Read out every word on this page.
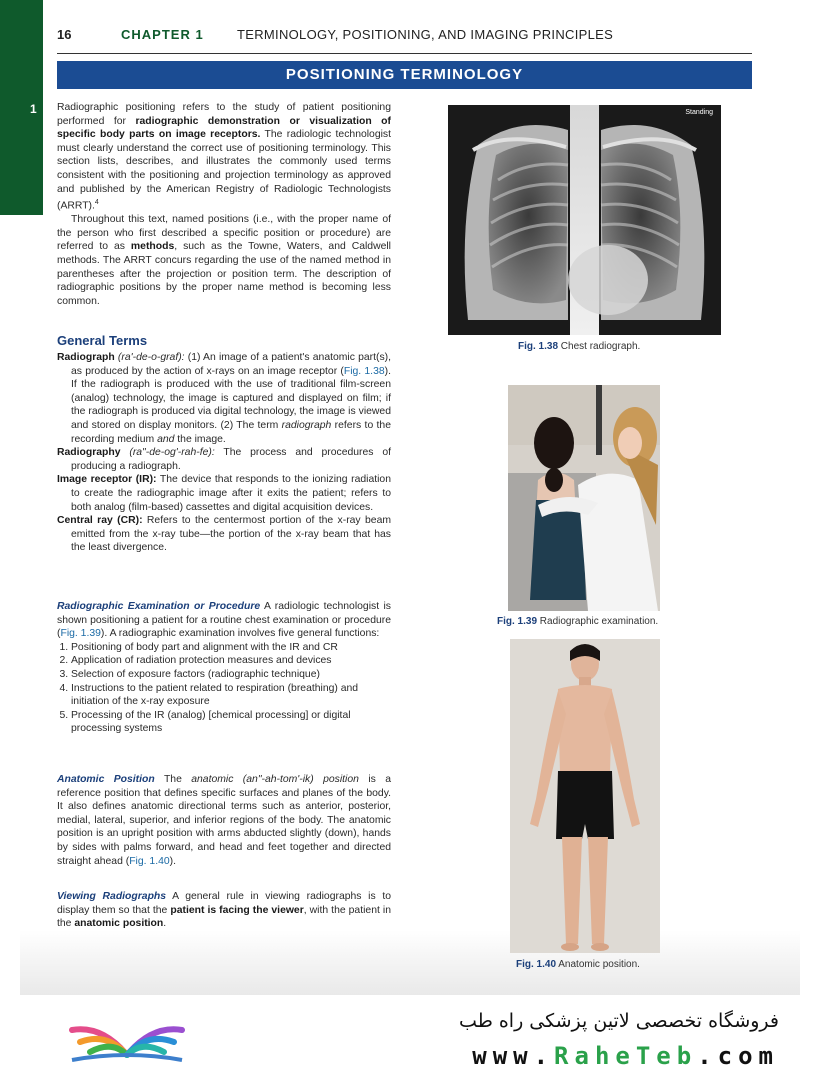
1
16	CHAPTER 1	TERMINOLOGY, POSITIONING, AND IMAGING PRINCIPLES
POSITIONING TERMINOLOGY

Radiographic positioning refers to the study of patient positioning performed for radiographic demonstration or visualization of specific body parts on image receptors. The radiologic technologist must clearly understand the correct use of positioning terminology. This section lists, describes, and illustrates the commonly used terms consistent with the positioning and projection terminology as approved and published by the American Registry of Radiologic Technologists (ARRT).$^4$

Throughout this text, named positions (i.e., with the proper name of the person who first described a specific position or procedure) are referred to as methods, such as the Towne, Waters, and Caldwell methods. The ARRT concurs regarding the use of the named method in parentheses after the projection or position term. The description of radiographic positions by the proper name method is becoming less common.

General Terms

Radiograph (ra'-de-o-graf): (1) An image of a patient's anatomic part(s), as produced by the action of x-rays on an image receptor (Fig. 1.38). If the radiograph is produced with the use of traditional film-screen (analog) technology, the image is captured and displayed on film; if the radiograph is produced via digital technology, the image is viewed and stored on display monitors. (2) The term radiograph refers to the recording medium and the image.

Radiography (ra"-de-og'-rah-fe): The process and procedures of producing a radiograph.

Image receptor (IR): The device that responds to the ionizing radiation to create the radiographic image after it exits the patient; refers to both analog (film-based) cassettes and digital acquisition devices.

Central ray (CR): Refers to the centermost portion of the x-ray beam emitted from the x-ray tube—the portion of the x-ray beam that has the least divergence.

Radiographic Examination or Procedure A radiologic technologist is shown positioning a patient for a routine chest examination or procedure (Fig. 1.39). A radiographic examination involves five general functions:

1. Positioning of body part and alignment with the IR and CR
2. Application of radiation protection measures and devices
3. Selection of exposure factors (radiographic technique)
4. Instructions to the patient related to respiration (breathing) and initiation of the x-ray exposure
5. Processing of the IR (analog) [chemical processing] or digital processing systems

Anatomic Position The anatomic (an"-ah-tom'-ik) position is a reference position that defines specific surfaces and planes of the body. It also defines anatomic directional terms such as anterior, posterior, medial, lateral, superior, and inferior regions of the body. The anatomic position is an upright position with arms abducted slightly (down), hands by sides with palms forward, and head and feet together and directed straight ahead (Fig. 1.40).

Viewing Radiographs A general rule in viewing radiographs is to display them so that the patient is facing the viewer, with the patient in the anatomic position.

Standing
Fig. 1.38 Chest radiograph.
Fig. 1.39 Radiographic examination.
Fig. 1.40 Anatomic position.
فروشگاه تخصصی لاتین پزشکی راه طب
www.RaheTeb.com
